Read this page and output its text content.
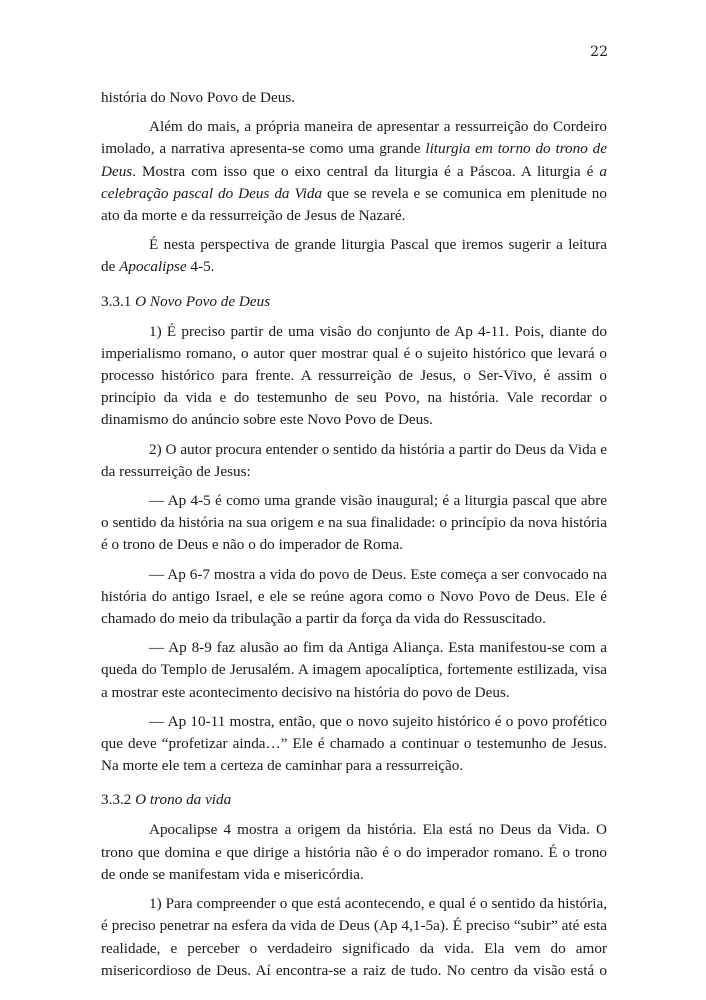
22

história do Novo Povo de Deus.

Além do mais, a própria maneira de apresentar a ressurreição do Cordeiro imolado, a narrativa apresenta-se como uma grande liturgia em torno do trono de Deus. Mostra com isso que o eixo central da liturgia é a Páscoa. A liturgia é a celebração pascal do Deus da Vida que se revela e se comunica em plenitude no ato da morte e da ressurreição de Jesus de Nazaré.

É nesta perspectiva de grande liturgia Pascal que iremos sugerir a leitura de Apocalipse 4-5.

3.3.1 O Novo Povo de Deus

1) É preciso partir de uma visão do conjunto de Ap 4-11. Pois, diante do imperialismo romano, o autor quer mostrar qual é o sujeito histórico que levará o processo histórico para frente. A ressurreição de Jesus, o Ser-Vivo, é assim o princípio da vida e do testemunho de seu Povo, na história. Vale recordar o dinamismo do anúncio sobre este Novo Povo de Deus.

2) O autor procura entender o sentido da história a partir do Deus da Vida e da ressurreição de Jesus:

— Ap 4-5 é como uma grande visão inaugural; é a liturgia pascal que abre o sentido da história na sua origem e na sua finalidade: o princípio da nova história é o trono de Deus e não o do imperador de Roma.

— Ap 6-7 mostra a vida do povo de Deus. Este começa a ser convocado na história do antigo Israel, e ele se reúne agora como o Novo Povo de Deus. Ele é chamado do meio da tribulação a partir da força da vida do Ressuscitado.

— Ap 8-9 faz alusão ao fim da Antiga Aliança. Esta manifestou-se com a queda do Templo de Jerusalém. A imagem apocalíptica, fortemente estilizada, visa a mostrar este acontecimento decisivo na história do povo de Deus.

— Ap 10-11 mostra, então, que o novo sujeito histórico é o povo profético que deve “profetizar ainda…” Ele é chamado a continuar o testemunho de Jesus. Na morte ele tem a certeza de caminhar para a ressurreição.

3.3.2 O trono da vida

Apocalipse 4 mostra a origem da história. Ela está no Deus da Vida. O trono que domina e que dirige a história não é o do imperador romano. É o trono de onde se manifestam vida e misericórdia.

1) Para compreender o que está acontecendo, e qual é o sentido da história, é preciso penetrar na esfera da vida de Deus (Ap 4,1-5a). É preciso “subir” até esta realidade, e perceber o verdadeiro significado da vida. Ela vem do amor misericordioso de Deus. Aí encontra-se a raiz de tudo. No centro da visão está o
